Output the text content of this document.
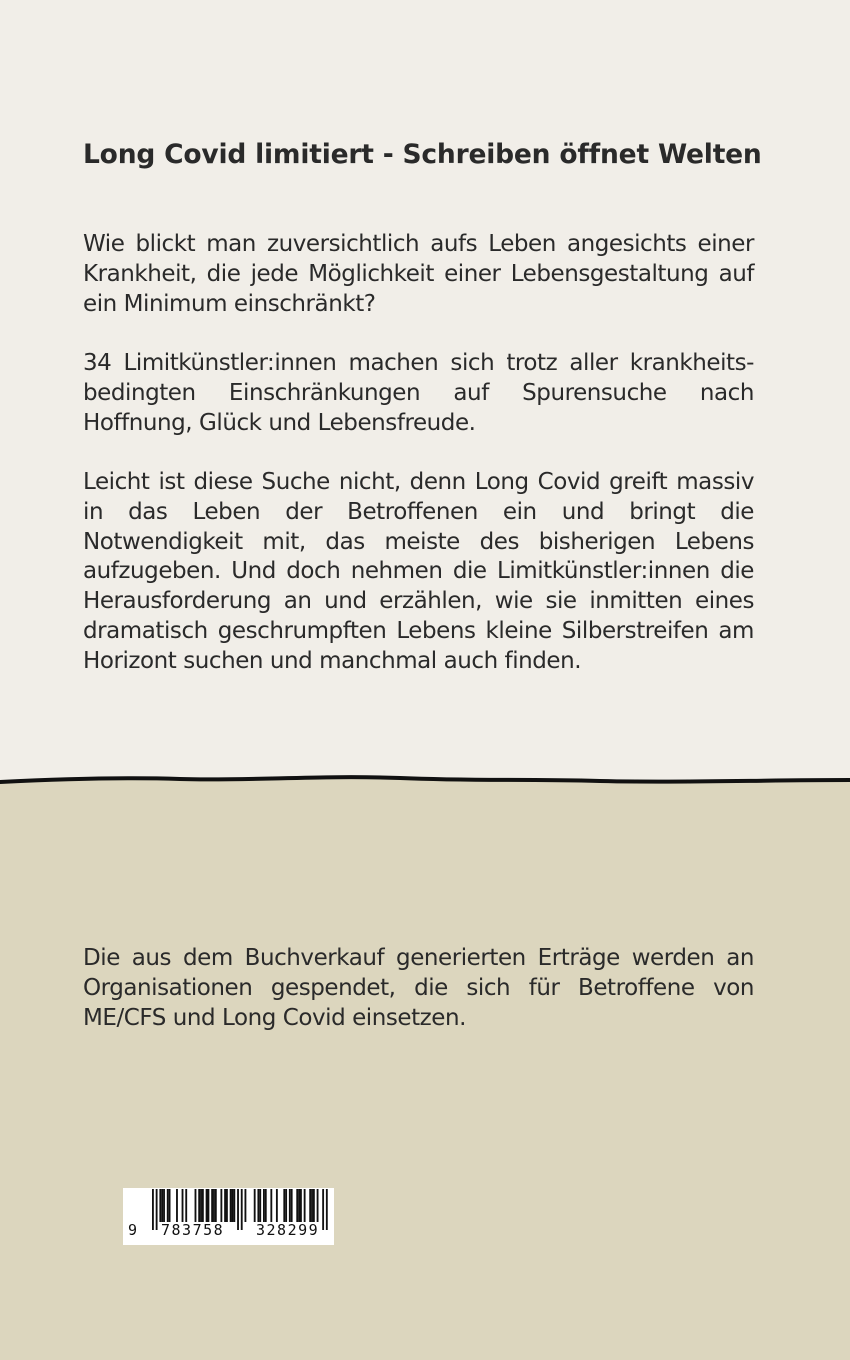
Long Covid limitiert - Schreiben öffnet Welten

Wie blickt man zuversichtlich aufs Leben angesichts einer Krankheit, die jede Möglichkeit einer Lebensgestaltung auf ein Minimum einschränkt?

34 Limitkünstler:innen machen sich trotz aller krankheits-bedingten Einschränkungen auf Spurensuche nach Hoffnung, Glück und Lebensfreude.

Leicht ist diese Suche nicht, denn Long Covid greift massiv in das Leben der Betroffenen ein und bringt die Notwendigkeit mit, das meiste des bisherigen Lebens aufzugeben. Und doch nehmen die Limitkünstler:innen die Herausforderung an und erzählen, wie sie inmitten eines dramatisch geschrumpften Lebens kleine Silberstreifen am Horizont suchen und manchmal auch finden.

Die aus dem Buchverkauf generierten Erträge werden an Organisationen gespendet, die sich für Betroffene von ME/CFS und Long Covid einsetzen.

9 783758 328299
